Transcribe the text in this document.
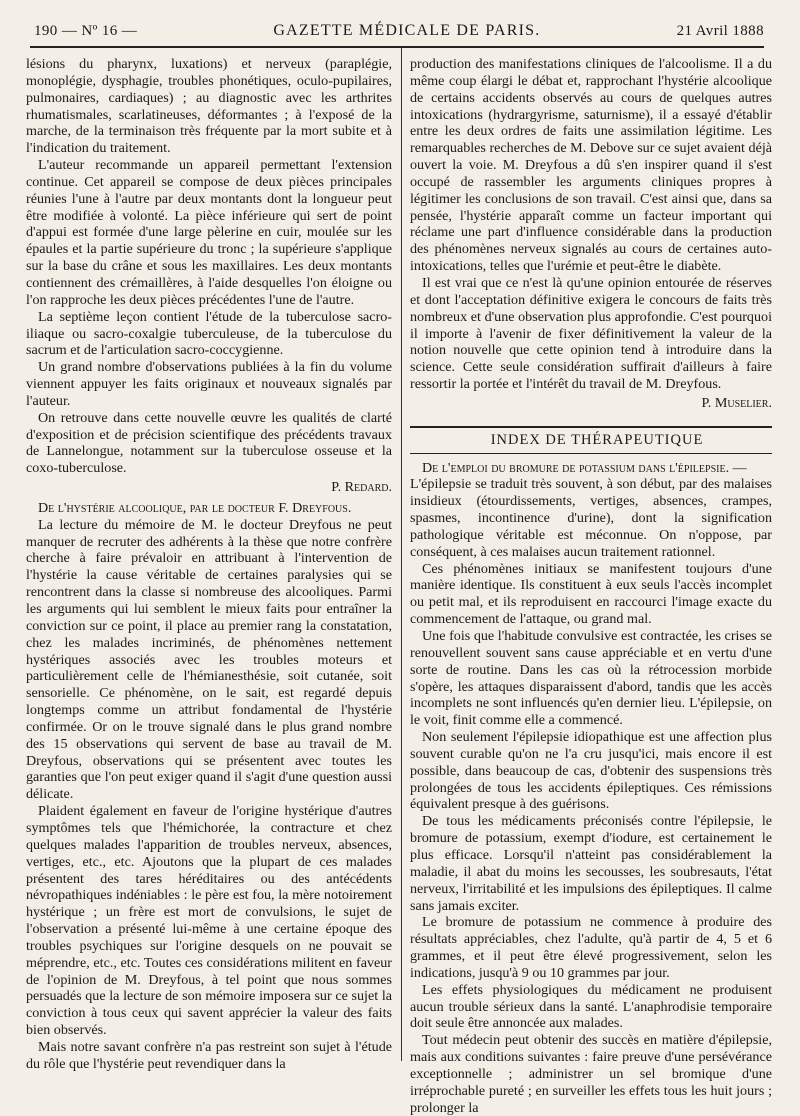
190 — Nº 16 —	GAZETTE MÉDICALE DE PARIS.	21 Avril 1888

lésions du pharynx, luxations) et nerveux (paraplégie, monoplégie, dysphagie, troubles phonétiques, oculo-pupilaires, pulmonaires, cardiaques) ; au diagnostic avec les arthrites rhumatismales, scarlatineuses, déformantes ; à l'exposé de la marche, de la terminaison très fréquente par la mort subite et à l'indication du traitement.

L'auteur recommande un appareil permettant l'extension continue. Cet appareil se compose de deux pièces principales réunies l'une à l'autre par deux montants dont la longueur peut être modifiée à volonté. La pièce inférieure qui sert de point d'appui est formée d'une large pèlerine en cuir, moulée sur les épaules et la partie supérieure du tronc ; la supérieure s'applique sur la base du crâne et sous les maxillaires. Les deux montants contiennent des crémaillères, à l'aide desquelles l'on éloigne ou l'on rapproche les deux pièces précédentes l'une de l'autre.

La septième leçon contient l'étude de la tuberculose sacro-iliaque ou sacro-coxalgie tuberculeuse, de la tuberculose du sacrum et de l'articulation sacro-coccygienne.

Un grand nombre d'observations publiées à la fin du volume viennent appuyer les faits originaux et nouveaux signalés par l'auteur.

On retrouve dans cette nouvelle œuvre les qualités de clarté d'exposition et de précision scientifique des précédents travaux de Lannelongue, notamment sur la tuberculose osseuse et la coxo-tuberculose.

P. Redard.

De l'hystérie alcoolique, par le docteur F. Dreyfous.

La lecture du mémoire de M. le docteur Dreyfous ne peut manquer de recruter des adhérents à la thèse que notre confrère cherche à faire prévaloir en attribuant à l'intervention de l'hystérie la cause véritable de certaines paralysies qui se rencontrent dans la classe si nombreuse des alcooliques. Parmi les arguments qui lui semblent le mieux faits pour entraîner la conviction sur ce point, il place au premier rang la constatation, chez les malades incriminés, de phénomènes nettement hystériques associés avec les troubles moteurs et particulièrement celle de l'hémianesthésie, soit cutanée, soit sensorielle. Ce phénomène, on le sait, est regardé depuis longtemps comme un attribut fondamental de l'hystérie confirmée. Or on le trouve signalé dans le plus grand nombre des 15 observations qui servent de base au travail de M. Dreyfous, observations qui se présentent avec toutes les garanties que l'on peut exiger quand il s'agit d'une question aussi délicate.

Plaident également en faveur de l'origine hystérique d'autres symptômes tels que l'hémichorée, la contracture et chez quelques malades l'apparition de troubles nerveux, absences, vertiges, etc., etc. Ajoutons que la plupart de ces malades présentent des tares héréditaires ou des antécédents névropathiques indéniables : le père est fou, la mère notoirement hystérique ; un frère est mort de convulsions, le sujet de l'observation a présenté lui-même à une certaine époque des troubles psychiques sur l'origine desquels on ne pouvait se méprendre, etc., etc. Toutes ces considérations militent en faveur de l'opinion de M. Dreyfous, à tel point que nous sommes persuadés que la lecture de son mémoire imposera sur ce sujet la conviction à tous ceux qui savent apprécier la valeur des faits bien observés.

Mais notre savant confrère n'a pas restreint son sujet à l'étude du rôle que l'hystérie peut revendiquer dans la

production des manifestations cliniques de l'alcoolisme. Il a du même coup élargi le débat et, rapprochant l'hystérie alcoolique de certains accidents observés au cours de quelques autres intoxications (hydrargyrisme, saturnisme), il a essayé d'établir entre les deux ordres de faits une assimilation légitime. Les remarquables recherches de M. Debove sur ce sujet avaient déjà ouvert la voie. M. Dreyfous a dû s'en inspirer quand il s'est occupé de rassembler les arguments cliniques propres à légitimer les conclusions de son travail. C'est ainsi que, dans sa pensée, l'hystérie apparaît comme un facteur important qui réclame une part d'influence considérable dans la production des phénomènes nerveux signalés au cours de certaines auto-intoxications, telles que l'urémie et peut-être le diabète.

Il est vrai que ce n'est là qu'une opinion entourée de réserves et dont l'acceptation définitive exigera le concours de faits très nombreux et d'une observation plus approfondie. C'est pourquoi il importe à l'avenir de fixer définitivement la valeur de la notion nouvelle que cette opinion tend à introduire dans la science. Cette seule considération suffirait d'ailleurs à faire ressortir la portée et l'intérêt du travail de M. Dreyfous.

P. Muselier.

INDEX DE THÉRAPEUTIQUE

De l'emploi du bromure de potassium dans l'épilepsie. —

L'épilepsie se traduit très souvent, à son début, par des malaises insidieux (étourdissements, vertiges, absences, crampes, spasmes, incontinence d'urine), dont la signification pathologique véritable est méconnue. On n'oppose, par conséquent, à ces malaises aucun traitement rationnel.

Ces phénomènes initiaux se manifestent toujours d'une manière identique. Ils constituent à eux seuls l'accès incomplet ou petit mal, et ils reproduisent en raccourci l'image exacte du commencement de l'attaque, ou grand mal.

Une fois que l'habitude convulsive est contractée, les crises se renouvellent souvent sans cause appréciable et en vertu d'une sorte de routine. Dans les cas où la rétrocession morbide s'opère, les attaques disparaissent d'abord, tandis que les accès incomplets ne sont influencés qu'en dernier lieu. L'épilepsie, on le voit, finit comme elle a commencé.

Non seulement l'épilepsie idiopathique est une affection plus souvent curable qu'on ne l'a cru jusqu'ici, mais encore il est possible, dans beaucoup de cas, d'obtenir des suspensions très prolongées de tous les accidents épileptiques. Ces rémissions équivalent presque à des guérisons.

De tous les médicaments préconisés contre l'épilepsie, le bromure de potassium, exempt d'iodure, est certainement le plus efficace. Lorsqu'il n'atteint pas considérablement la maladie, il abat du moins les secousses, les soubresauts, l'état nerveux, l'irritabilité et les impulsions des épileptiques. Il calme sans jamais exciter.

Le bromure de potassium ne commence à produire des résultats appréciables, chez l'adulte, qu'à partir de 4, 5 et 6 grammes, et il peut être élevé progressivement, selon les indications, jusqu'à 9 ou 10 grammes par jour.

Les effets physiologiques du médicament ne produisent aucun trouble sérieux dans la santé. L'anaphrodisie temporaire doit seule être annoncée aux malades.

Tout médecin peut obtenir des succès en matière d'épilepsie, mais aux conditions suivantes : faire preuve d'une persévérance exceptionnelle ; administrer un sel bromique d'une irréprochable pureté ; en surveiller les effets tous les huit jours ; prolonger la
